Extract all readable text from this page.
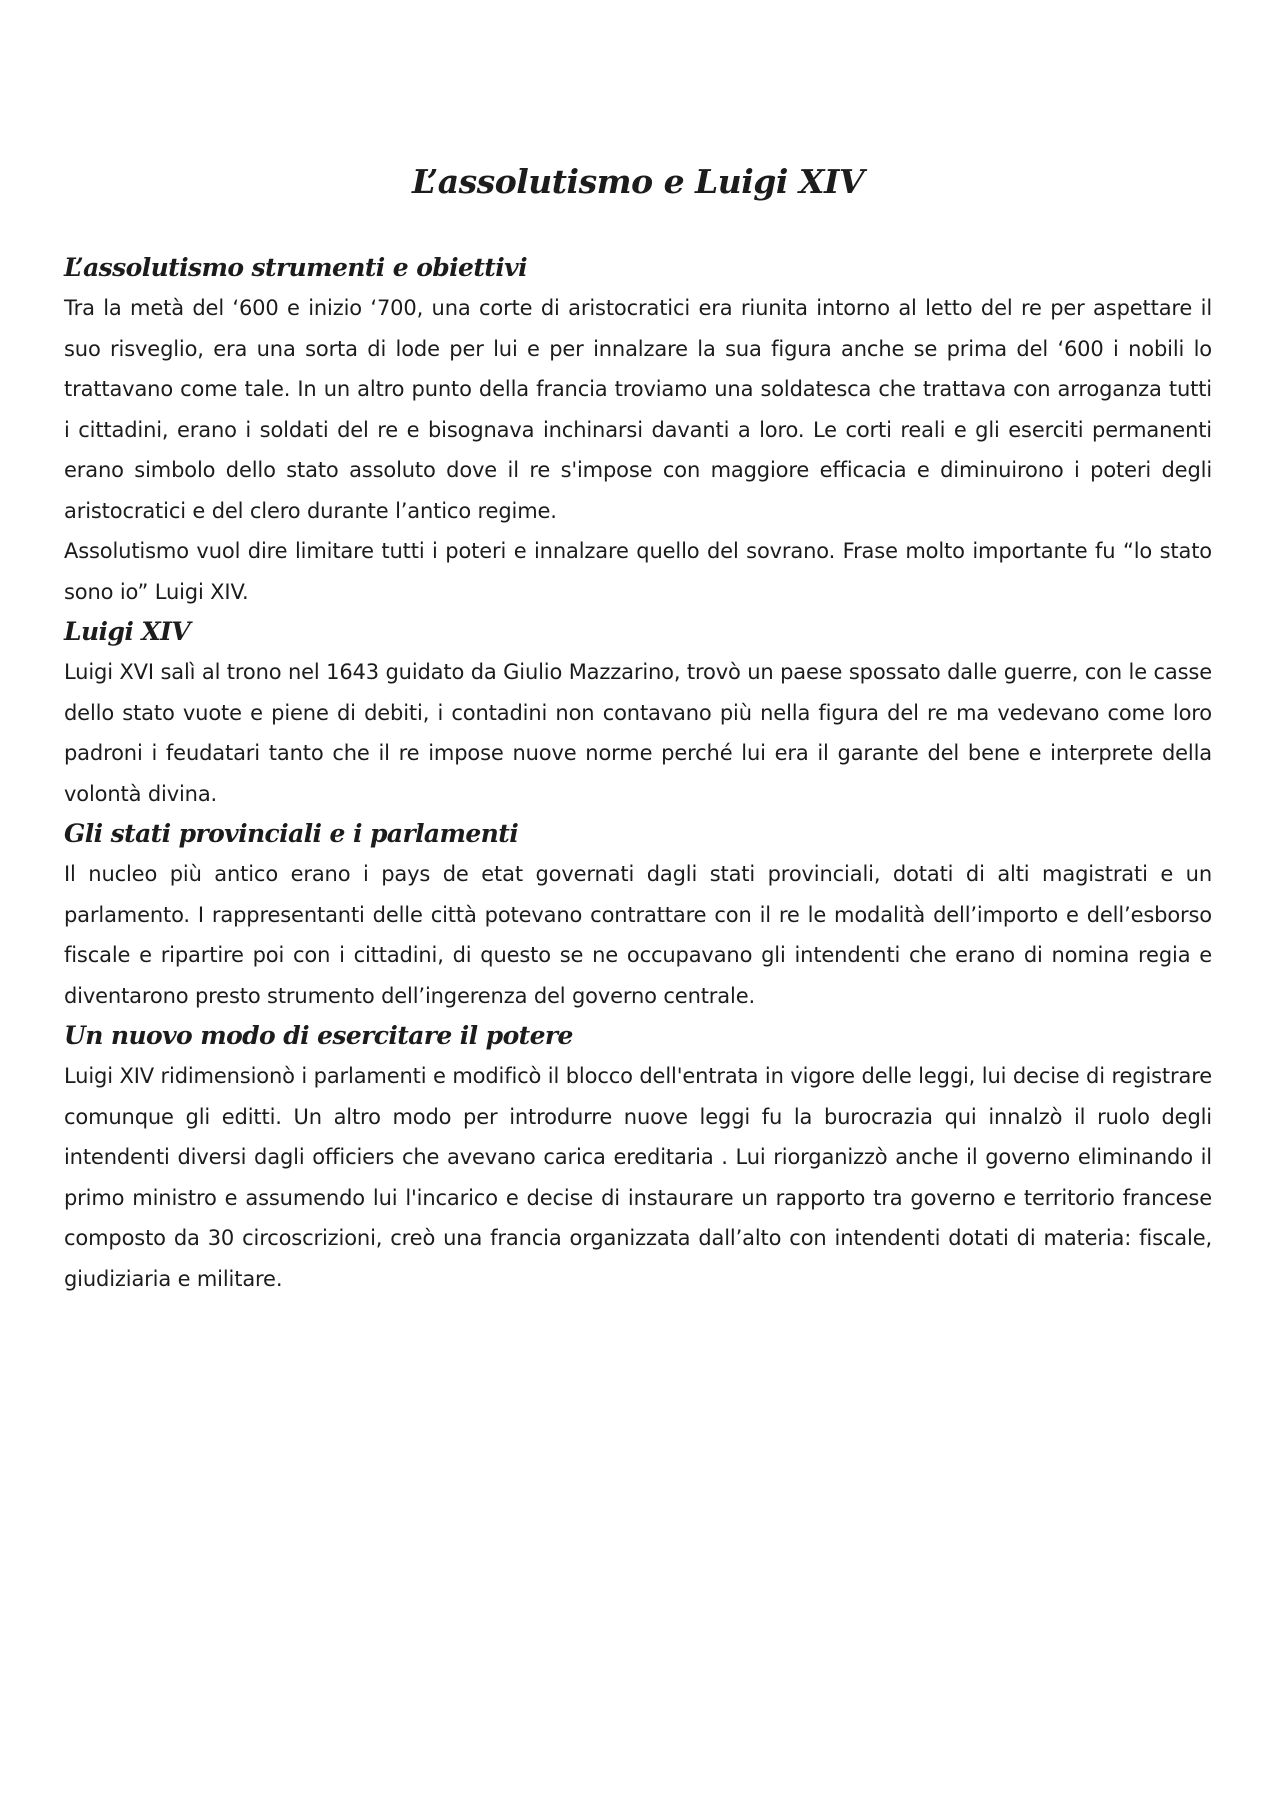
L’assolutismo e Luigi XIV
L’assolutismo strumenti e obiettivi

Tra la metà del ‘600 e inizio ‘700, una corte di aristocratici era riunita intorno al letto del re per aspettare il suo risveglio, era una sorta di lode per lui e per innalzare la sua figura anche se prima del ‘600 i nobili lo trattavano come tale. In un altro punto della francia troviamo una soldatesca che trattava con arroganza tutti i cittadini, erano i soldati del re e bisognava inchinarsi davanti a loro. Le corti reali e gli eserciti permanenti erano simbolo dello stato assoluto dove il re s'impose con maggiore efficacia e diminuirono i poteri degli aristocratici e del clero durante l’antico regime.

Assolutismo vuol dire limitare tutti i poteri e innalzare quello del sovrano. Frase molto importante fu “lo stato sono io” Luigi XIV.

Luigi XIV

Luigi XVI salì al trono nel 1643 guidato da Giulio Mazzarino, trovò un paese spossato dalle guerre, con le casse dello stato vuote e piene di debiti, i contadini non contavano più nella figura del re ma vedevano come loro padroni i feudatari tanto che il re impose nuove norme perché lui era il garante del bene e interprete della volontà divina.

Gli stati provinciali e i parlamenti

Il nucleo più antico erano i pays de etat governati dagli stati provinciali, dotati di alti magistrati e un parlamento. I rappresentanti delle città potevano contrattare con il re le modalità dell’importo e dell’esborso fiscale e ripartire poi con i cittadini, di questo se ne occupavano gli intendenti che erano di nomina regia e diventarono presto strumento dell’ingerenza del governo centrale.

Un nuovo modo di esercitare il potere

Luigi XIV ridimensionò i parlamenti e modificò il blocco dell'entrata in vigore delle leggi, lui decise di registrare comunque gli editti. Un altro modo per introdurre nuove leggi fu la burocrazia qui innalzò il ruolo degli intendenti diversi dagli officiers che avevano carica ereditaria . Lui riorganizzò anche il governo eliminando il primo ministro e assumendo lui l'incarico e decise di instaurare un rapporto tra governo e territorio francese composto da 30 circoscrizioni, creò una francia organizzata dall’alto con intendenti dotati di materia: fiscale, giudiziaria e militare.
